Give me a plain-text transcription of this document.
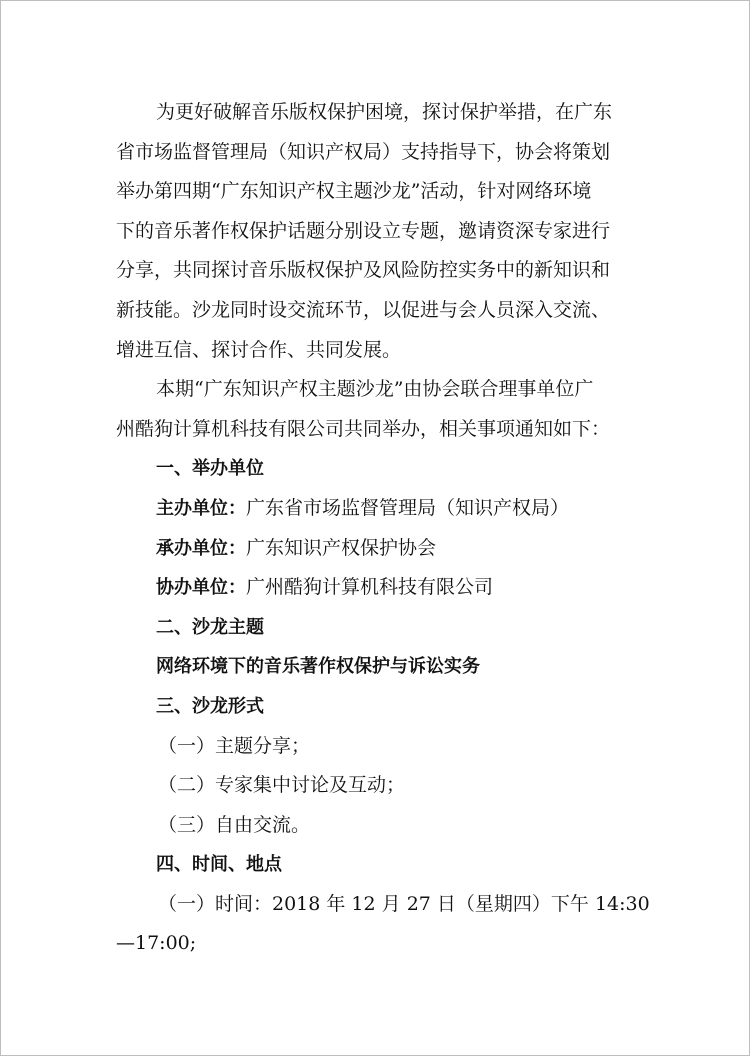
为更好破解音乐版权保护困境，探讨保护举措，在广东
省市场监督管理局（知识产权局）支持指导下，协会将策划
举办第四期“广东知识产权主题沙龙”活动，针对网络环境
下的音乐著作权保护话题分别设立专题，邀请资深专家进行
分享，共同探讨音乐版权保护及风险防控实务中的新知识和
新技能。沙龙同时设交流环节，以促进与会人员深入交流、
增进互信、探讨合作、共同发展。
本期“广东知识产权主题沙龙”由协会联合理事单位广
州酷狗计算机科技有限公司共同举办，相关事项通知如下：
一、举办单位
主办单位：广东省市场监督管理局（知识产权局）
承办单位：广东知识产权保护协会
协办单位：广州酷狗计算机科技有限公司
二、沙龙主题
网络环境下的音乐著作权保护与诉讼实务
三、沙龙形式
（一）主题分享；
（二）专家集中讨论及互动；
（三）自由交流。
四、时间、地点
（一）时间：2018 年 12 月 27 日（星期四）下午 14:30
—17:00;
